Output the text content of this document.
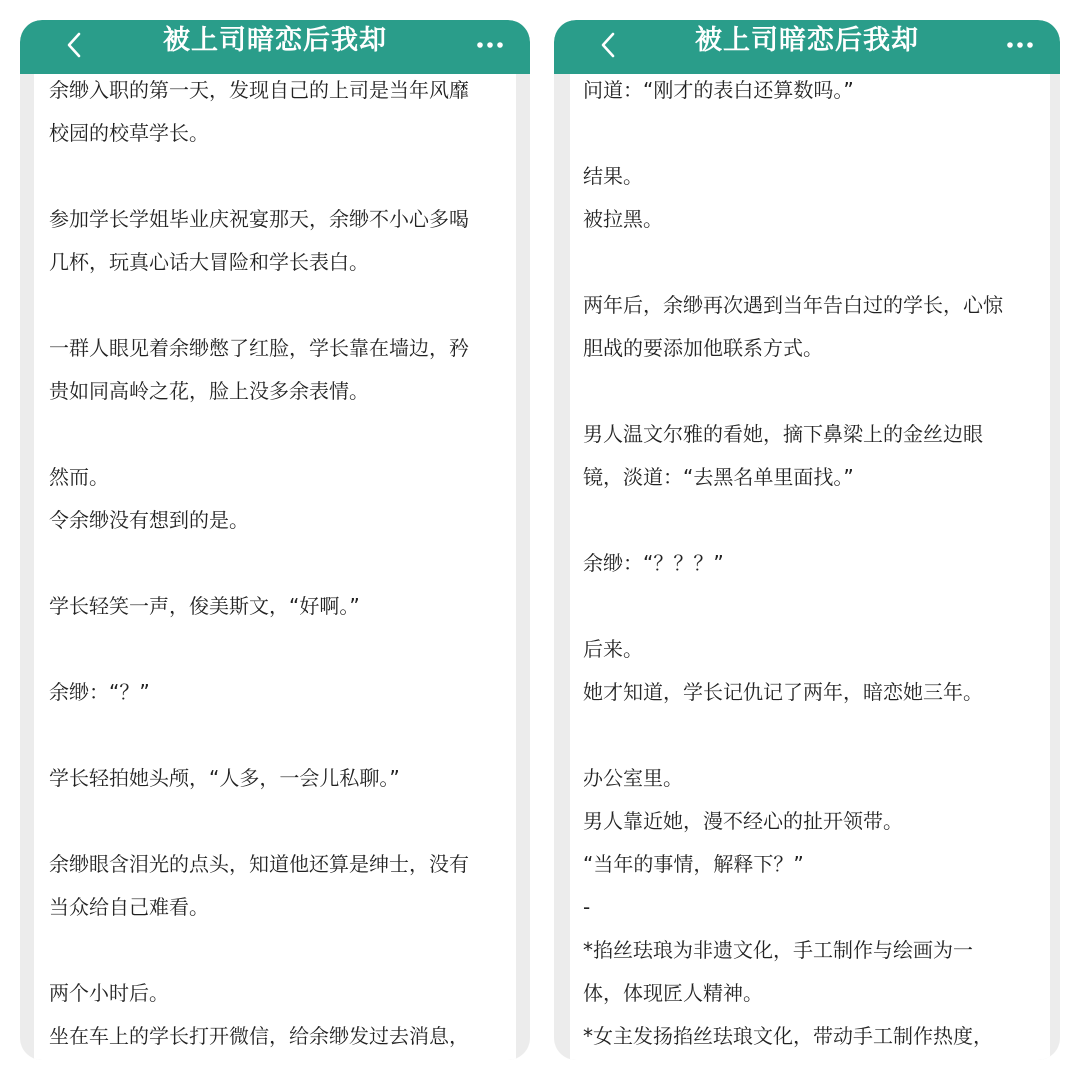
被上司暗恋后我却
余缈入职的第一天，发现自己的上司是当年风靡
校园的校草学长。
参加学长学姐毕业庆祝宴那天，余缈不小心多喝
几杯，玩真心话大冒险和学长表白。
一群人眼见着余缈憋了红脸，学长靠在墙边，矜
贵如同高岭之花，脸上没多余表情。
然而。
令余缈没有想到的是。
学长轻笑一声，俊美斯文，“好啊。”
余缈：“？”
学长轻拍她头颅，“人多，一会儿私聊。”
余缈眼含泪光的点头，知道他还算是绅士，没有
当众给自己难看。
两个小时后。
坐在车上的学长打开微信，给余缈发过去消息，
被上司暗恋后我却
问道：“刚才的表白还算数吗。”
结果。
被拉黑。
两年后，余缈再次遇到当年告白过的学长，心惊
胆战的要添加他联系方式。
男人温文尔雅的看她，摘下鼻梁上的金丝边眼
镜，淡道：“去黑名单里面找。”
余缈：“？？？”
后来。
她才知道，学长记仇记了两年，暗恋她三年。
办公室里。
男人靠近她，漫不经心的扯开领带。
“当年的事情，解释下？”
-
*掐丝珐琅为非遗文化，手工制作与绘画为一
体，体现匠人精神。
*女主发扬掐丝珐琅文化，带动手工制作热度，
